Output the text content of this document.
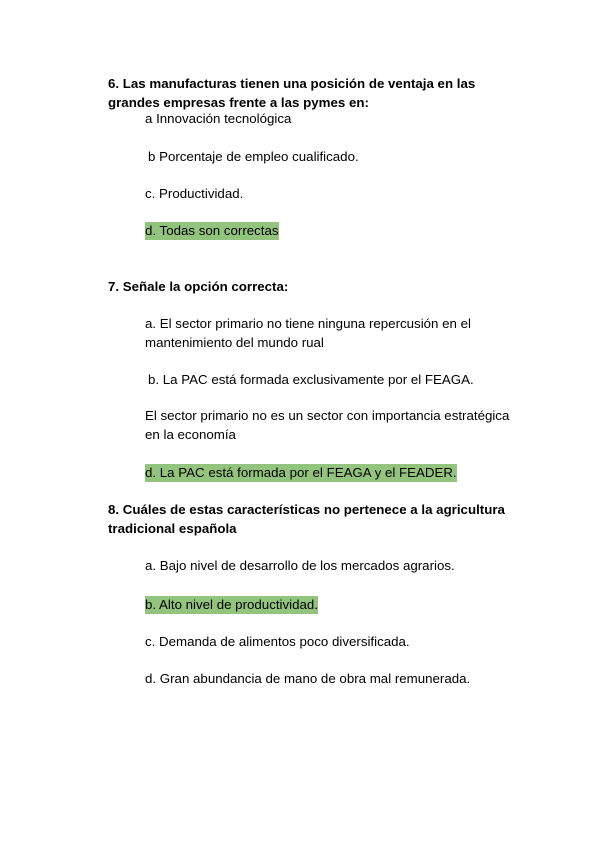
6. Las manufacturas tienen una posición de ventaja en las grandes empresas frente a las pymes en:

a Innovación tecnológica

b Porcentaje de empleo cualificado.

c. Productividad.

d. Todas son correctas

7. Señale la opción correcta:

a. El sector primario no tiene ninguna repercusión en el mantenimiento del mundo rual

b. La PAC está formada exclusivamente por el FEAGA.

El sector primario no es un sector con importancia estratégica en la economía

d. La PAC está formada por el FEAGA y el FEADER.

8. Cuáles de estas características no pertenece a la agricultura tradicional española

a. Bajo nivel de desarrollo de los mercados agrarios.

b. Alto nivel de productividad.

c. Demanda de alimentos poco diversificada.

d. Gran abundancia de mano de obra mal remunerada.
